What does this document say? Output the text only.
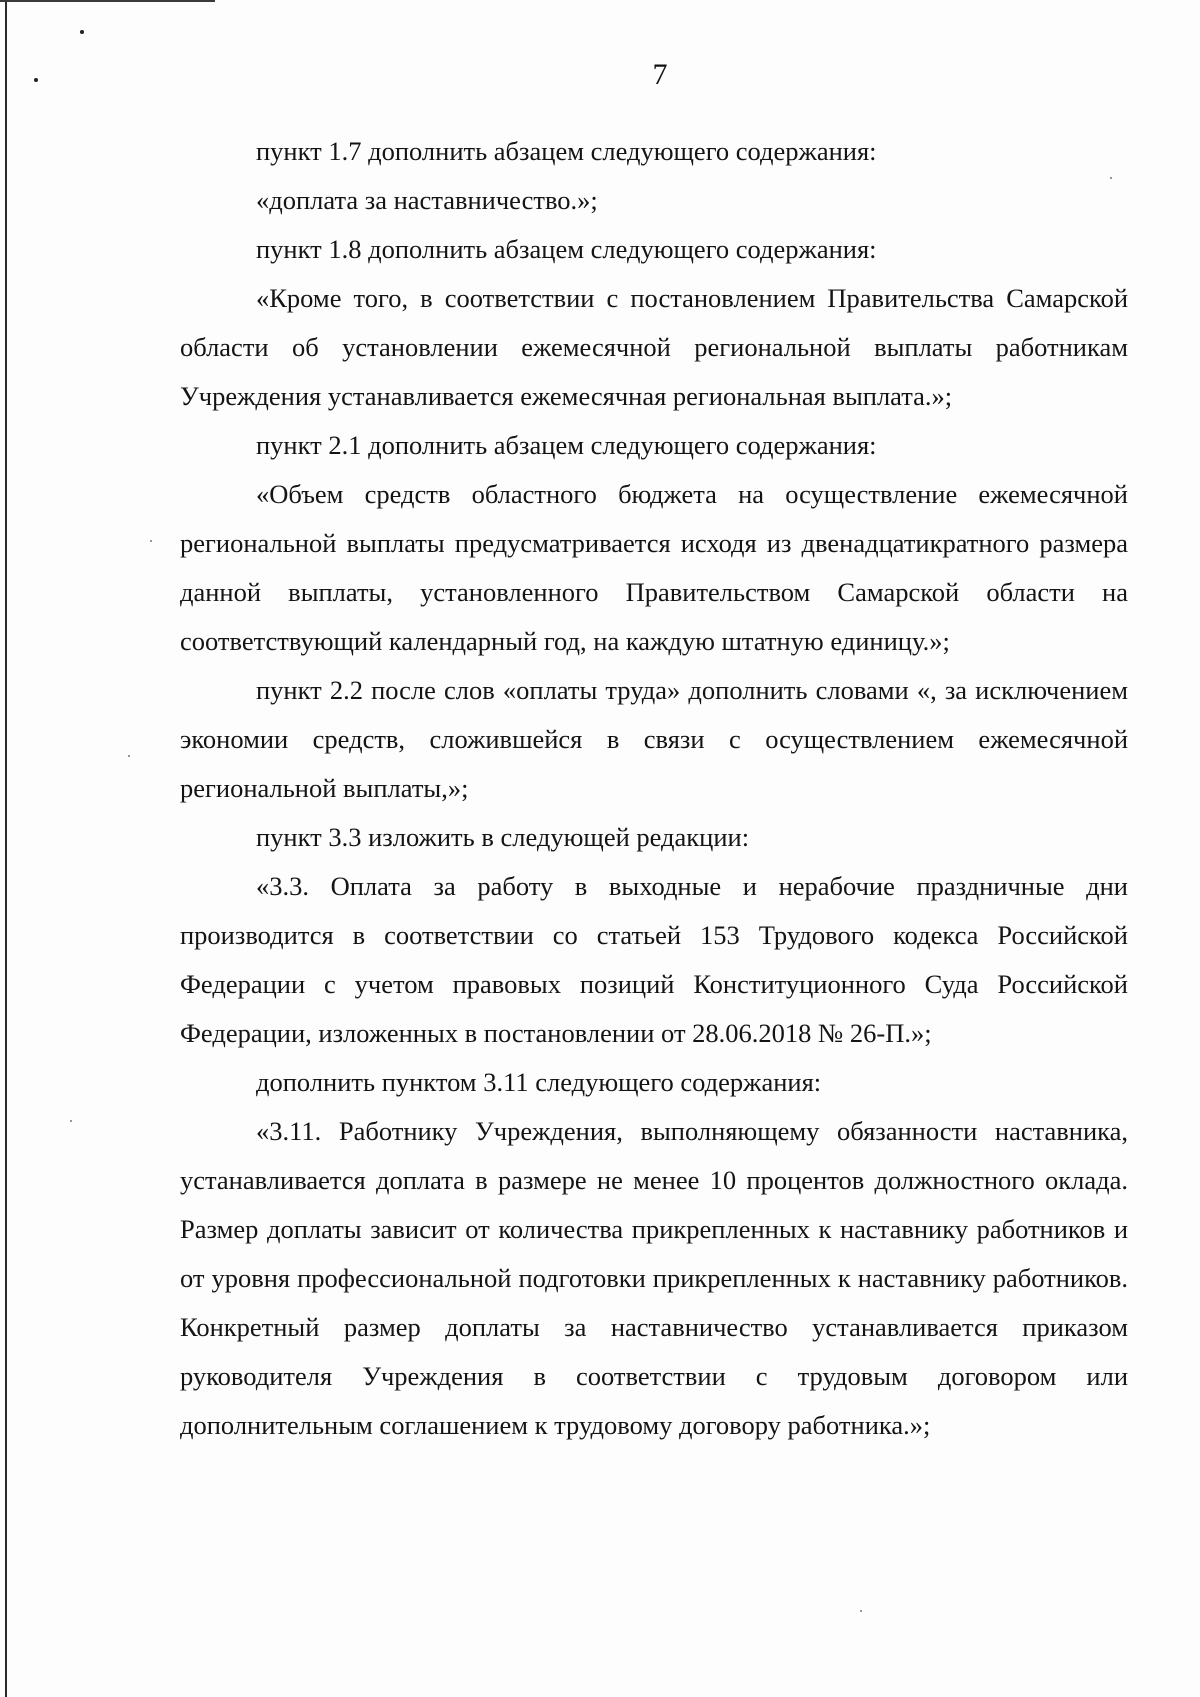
7

пункт 1.7 дополнить абзацем следующего содержания:

«доплата за наставничество.»;

пункт 1.8 дополнить абзацем следующего содержания:

«Кроме того, в соответствии с постановлением Правительства Самарской области об установлении ежемесячной региональной выплаты работникам Учреждения устанавливается ежемесячная региональная выплата.»;

пункт 2.1 дополнить абзацем следующего содержания:

«Объем средств областного бюджета на осуществление ежемесячной региональной выплаты предусматривается исходя из двенадцатикратного размера данной выплаты, установленного Правительством Самарской области на соответствующий календарный год, на каждую штатную единицу.»;

пункт 2.2 после слов «оплаты труда» дополнить словами «, за исключением экономии средств, сложившейся в связи с осуществлением ежемесячной региональной выплаты,»;

пункт 3.3 изложить в следующей редакции:

«3.3. Оплата за работу в выходные и нерабочие праздничные дни производится в соответствии со статьей 153 Трудового кодекса Российской Федерации с учетом правовых позиций Конституционного Суда Российской Федерации, изложенных в постановлении от 28.06.2018 № 26-П.»;

дополнить пунктом 3.11 следующего содержания:

«3.11. Работнику Учреждения, выполняющему обязанности наставника, устанавливается доплата в размере не менее 10 процентов должностного оклада. Размер доплаты зависит от количества прикрепленных к наставнику работников и от уровня профессиональной подготовки прикрепленных к наставнику работников. Конкретный размер доплаты за наставничество устанавливается приказом руководителя Учреждения в соответствии с трудовым договором или дополнительным соглашением к трудовому договору работника.»;
